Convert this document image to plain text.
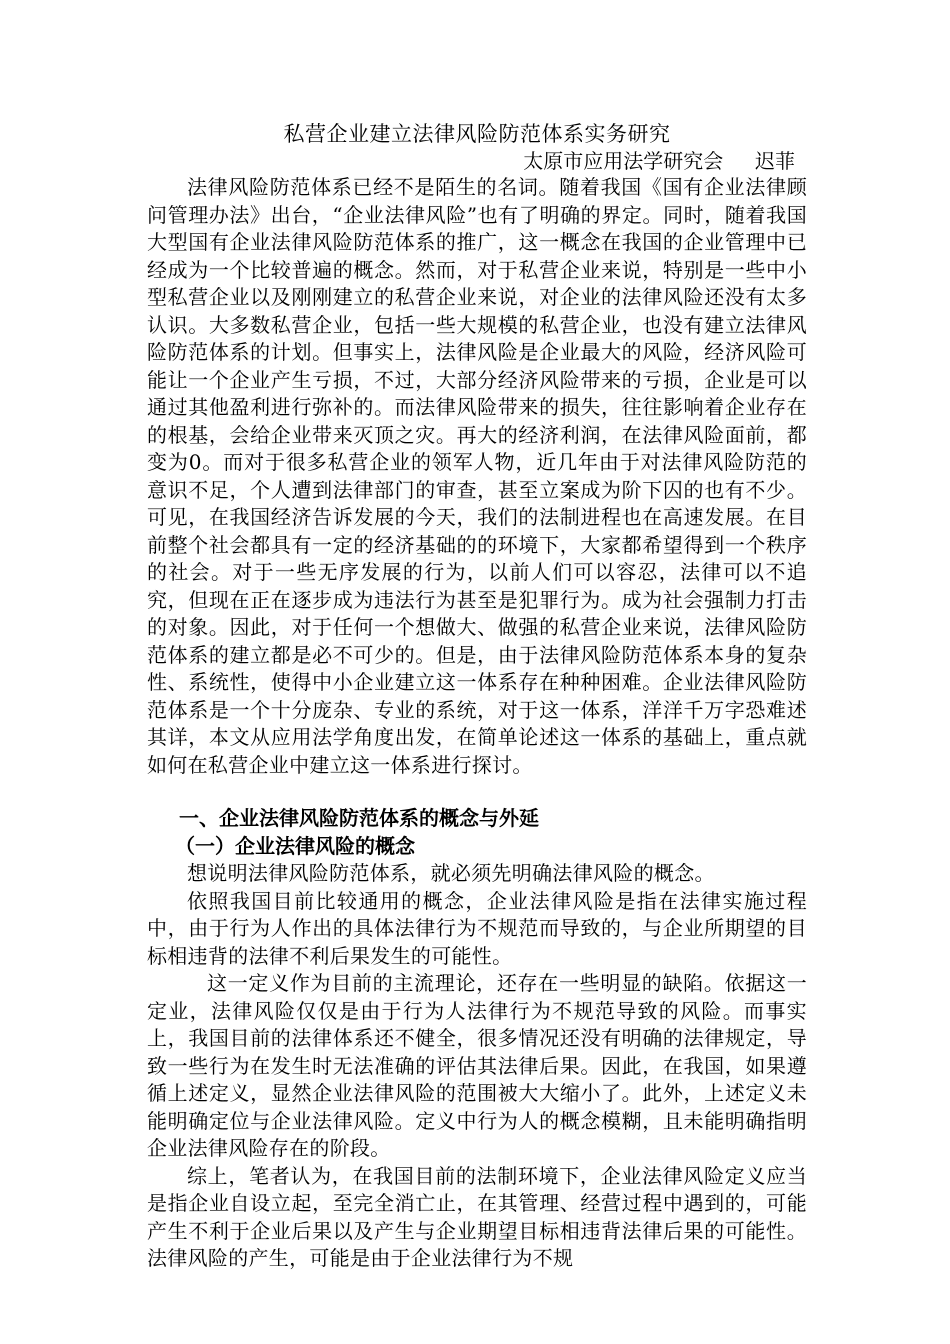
私营企业建立法律风险防范体系实务研究

太原市应用法学研究会     迟菲

法律风险防范体系已经不是陌生的名词。随着我国《国有企业法律顾问管理办法》出台，“企业法律风险”也有了明确的界定。同时，随着我国大型国有企业法律风险防范体系的推广，这一概念在我国的企业管理中已经成为一个比较普遍的概念。然而，对于私营企业来说，特别是一些中小型私营企业以及刚刚建立的私营企业来说，对企业的法律风险还没有太多认识。大多数私营企业，包括一些大规模的私营企业，也没有建立法律风险防范体系的计划。但事实上，法律风险是企业最大的风险，经济风险可能让一个企业产生亏损，不过，大部分经济风险带来的亏损，企业是可以通过其他盈利进行弥补的。而法律风险带来的损失，往往影响着企业存在的根基，会给企业带来灭顶之灾。再大的经济利润，在法律风险面前，都变为0。而对于很多私营企业的领军人物，近几年由于对法律风险防范的意识不足，个人遭到法律部门的审查，甚至立案成为阶下囚的也有不少。可见，在我国经济告诉发展的今天，我们的法制进程也在高速发展。在目前整个社会都具有一定的经济基础的的环境下，大家都希望得到一个秩序的社会。对于一些无序发展的行为，以前人们可以容忍，法律可以不追究，但现在正在逐步成为违法行为甚至是犯罪行为。成为社会强制力打击的对象。因此，对于任何一个想做大、做强的私营企业来说，法律风险防范体系的建立都是必不可少的。但是，由于法律风险防范体系本身的复杂性、系统性，使得中小企业建立这一体系存在种种困难。企业法律风险防范体系是一个十分庞杂、专业的系统，对于这一体系，洋洋千万字恐难述其详，本文从应用法学角度出发，在简单论述这一体系的基础上，重点就如何在私营企业中建立这一体系进行探讨。

一、企业法律风险防范体系的概念与外延
（一）企业法律风险的概念

想说明法律风险防范体系，就必须先明确法律风险的概念。

依照我国目前比较通用的概念，企业法律风险是指在法律实施过程中，由于行为人作出的具体法律行为不规范而导致的，与企业所期望的目标相违背的法律不利后果发生的可能性。

这一定义作为目前的主流理论，还存在一些明显的缺陷。依据这一定业，法律风险仅仅是由于行为人法律行为不规范导致的风险。而事实上，我国目前的法律体系还不健全，很多情况还没有明确的法律规定，导致一些行为在发生时无法准确的评估其法律后果。因此，在我国，如果遵循上述定义，显然企业法律风险的范围被大大缩小了。此外，上述定义未能明确定位与企业法律风险。定义中行为人的概念模糊，且未能明确指明企业法律风险存在的阶段。

综上，笔者认为，在我国目前的法制环境下，企业法律风险定义应当是指企业自设立起，至完全消亡止，在其管理、经营过程中遇到的，可能产生不利于企业后果以及产生与企业期望目标相违背法律后果的可能性。法律风险的产生，可能是由于企业法律行为不规
